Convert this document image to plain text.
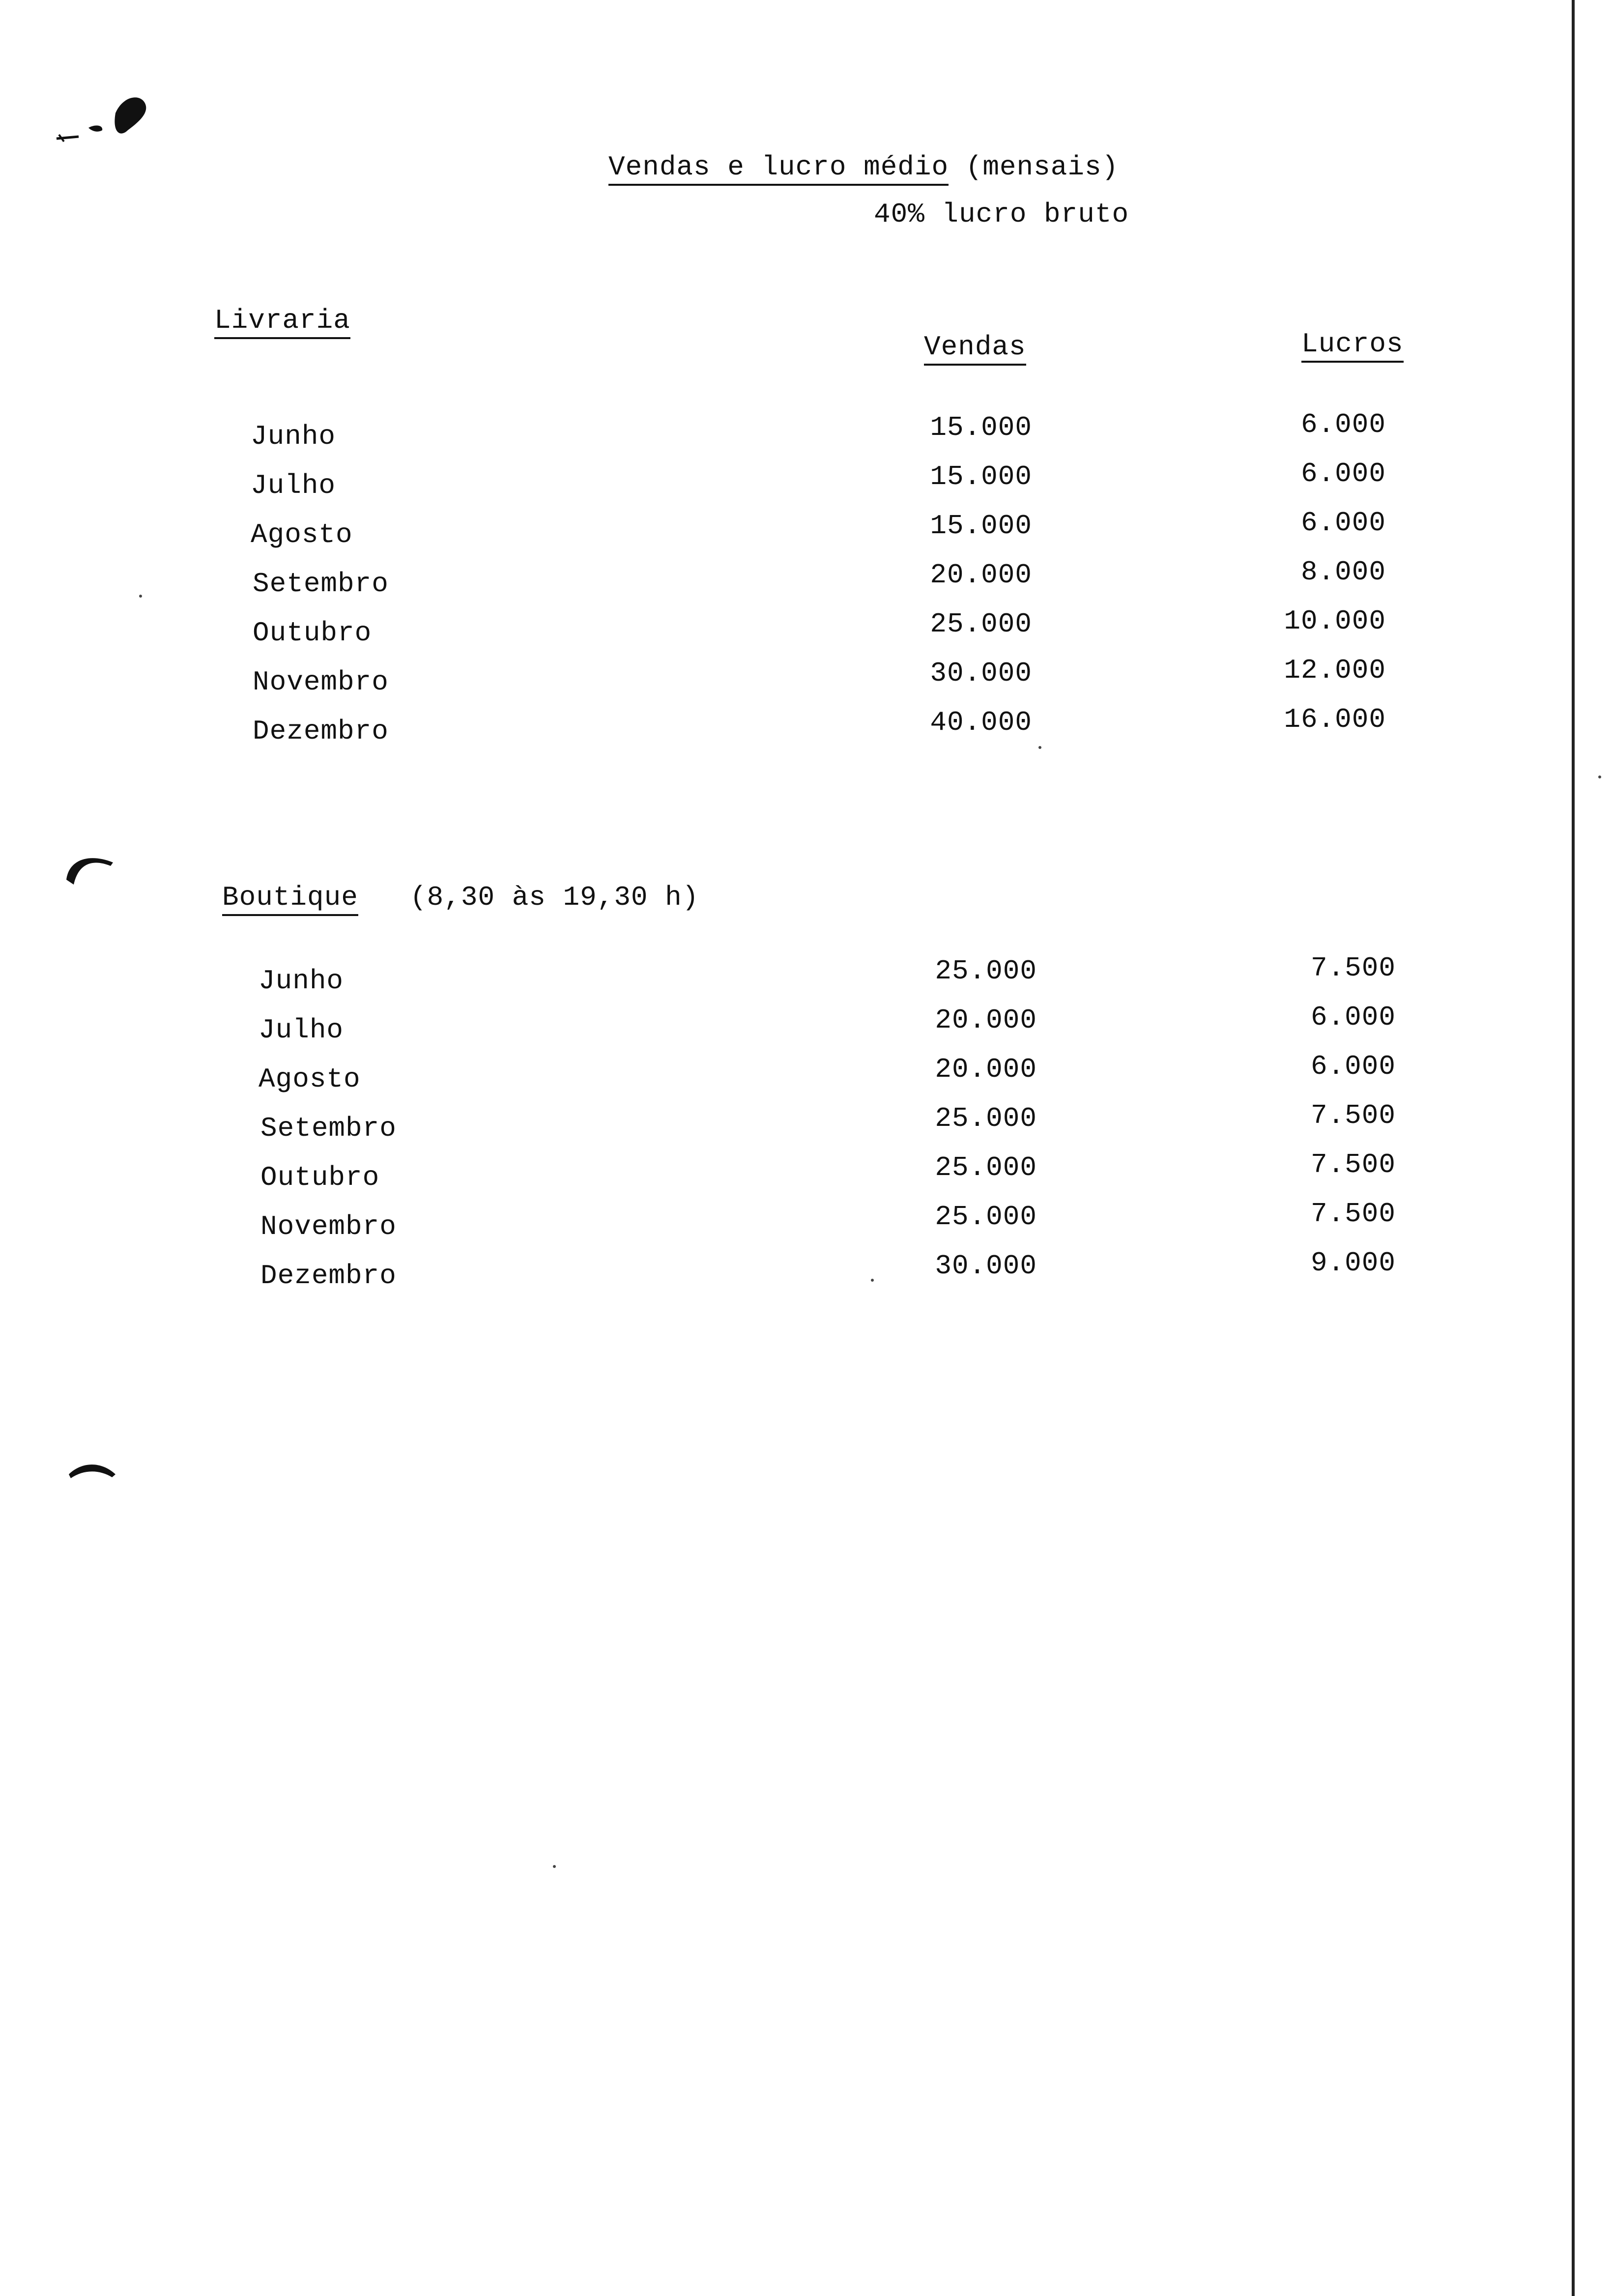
Vendas e lucro médio (mensais)
40% lucro bruto
Livraria
Vendas	Lucros
Junho	15.000	6.000
Julho	15.000	6.000
Agosto	15.000	6.000
Setembro	20.000	8.000
Outubro	25.000	10.000
Novembro	30.000	12.000
Dezembro	40.000	16.000
Boutique (8,30 às 19,30 h)
Junho	25.000	7.500
Julho	20.000	6.000
Agosto	20.000	6.000
Setembro	25.000	7.500
Outubro	25.000	7.500
Novembro	25.000	7.500
Dezembro	30.000	9.000
